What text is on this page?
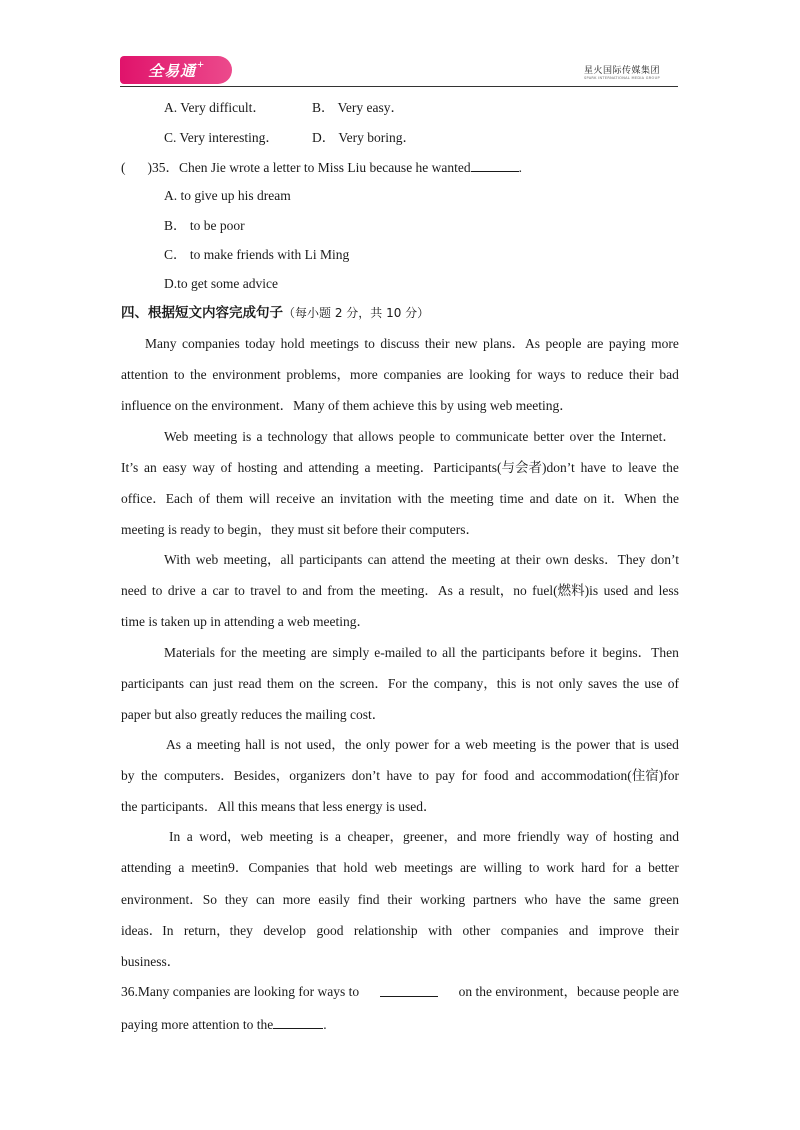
全易通 +
星火国际传媒集团
SPARK INTERNATIONAL MEDIA GROUP
A. Very difficult．	B． Very easy．
C. Very interesting． D． Very boring．
( )35．Chen Jie wrote a letter to Miss Liu because he wanted	.
A. to give up his dream
B． to be poor
C． to make friends with Li Ming
D.to get some advice
四、根据短文内容完成句子（每小题 2 分，共 10 分）
Many companies today hold meetings to discuss their new plans．As people are paying more
attention to the environment problems，more companies are looking for ways to reduce their bad
influence on the environment．Many of them achieve this by using web meeting．
Web meeting is a technology that allows people to communicate better over the Internet．
It’s an easy way of hosting and attending a meeting．Participants(与会者)don’t have to leave the
office．Each of them will receive an invitation with the meeting time and date on it．When the
meeting is ready to begin，they must sit before their computers．
With web meeting，all participants can attend the meeting at their own desks．They don’t
need to drive a car to travel to and from the meeting．As a result，no fuel(燃料)is used and less
time is taken up in attending a web meeting．
Materials for the meeting are simply e-mailed to all the participants before it begins．Then
participants can just read them on the screen．For the company，this is not only saves the use of
paper but also greatly reduces the mailing cost．
As a meeting hall is not used，the only power for a web meeting is the power that is used
by the computers．Besides，organizers don’t have to pay for food and accommodation(住宿)for
the participants．All this means that less energy is used．
In a word，web meeting is a cheaper，greener，and more friendly way of hosting and
attending a meetin9．Companies that hold web meetings are willing to work hard for a better
environment．So they can more easily find their working partners who have the same green
ideas．In return，they develop good relationship with other companies and improve their
business．
36.Many companies are looking for ways to	on the environment，because people are
paying more attention to the	.
